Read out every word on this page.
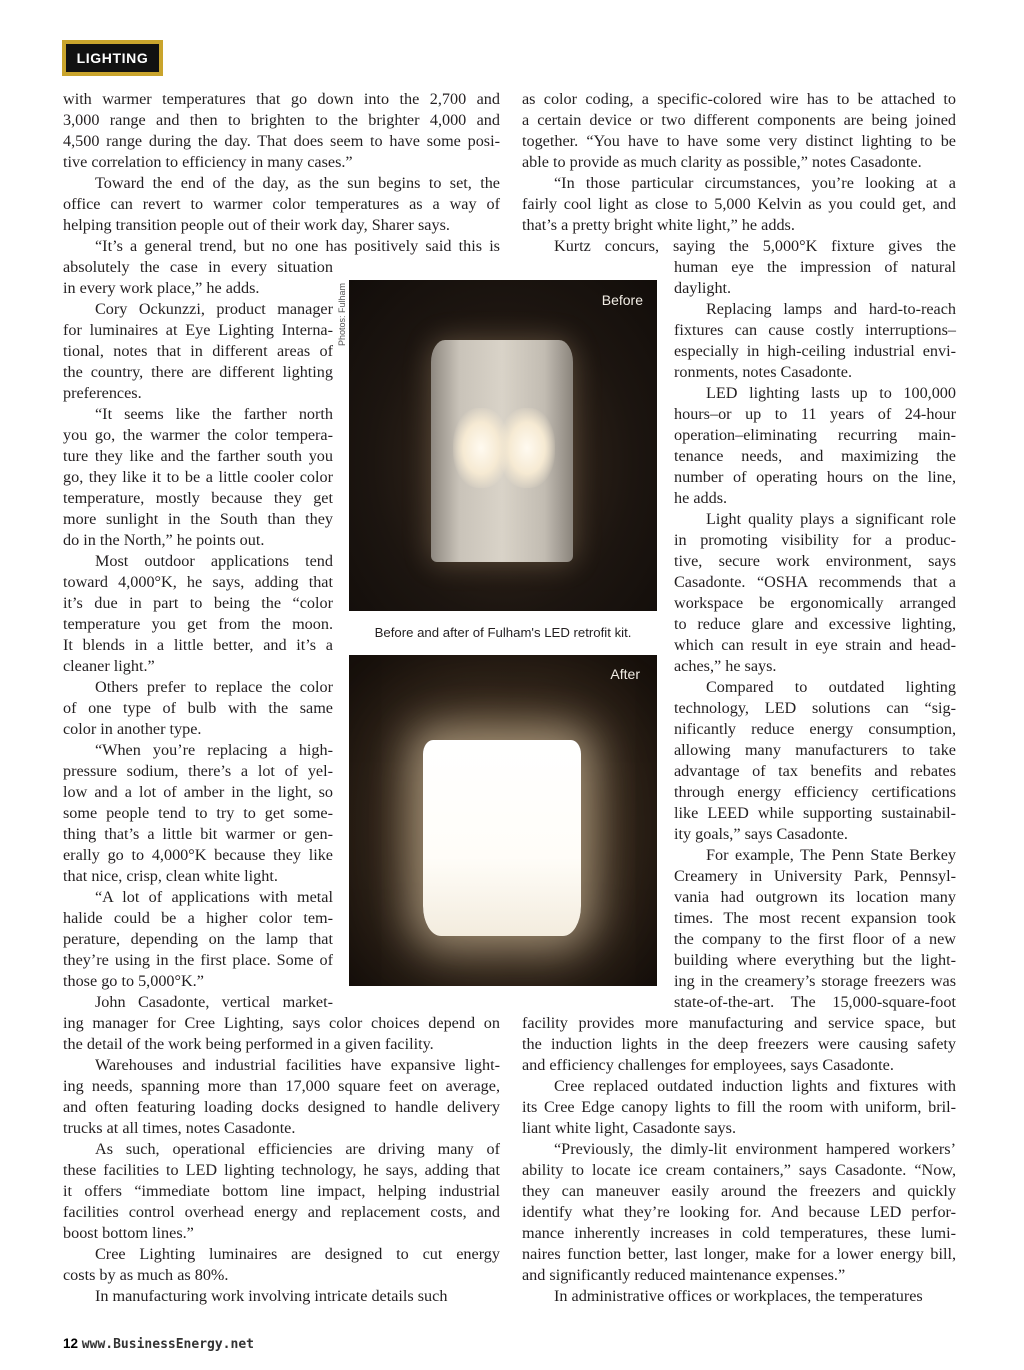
LIGHTING
with warmer temperatures that go down into the 2,700 and
3,000 range and then to brighten to the brighter 4,000 and
4,500 range during the day. That does seem to have some posi-
tive correlation to efficiency in many cases.”
Toward the end of the day, as the sun begins to set, the
office can revert to warmer color temperatures as a way of
helping transition people out of their work day, Sharer says.
“It’s a general trend, but no one has positively said this is
absolutely the case in every situation
in every work place,” he adds.
Cory Ockunzzi, product manager
for luminaires at Eye Lighting Interna-
tional, notes that in different areas of
the country, there are different lighting
preferences.
“It seems like the farther north
you go, the warmer the color tempera-
ture they like and the farther south you
go, they like it to be a little cooler color
temperature, mostly because they get
more sunlight in the South than they
do in the North,” he points out.
Most outdoor applications tend
toward 4,000°K, he says, adding that
it’s due in part to being the “color
temperature you get from the moon.
It blends in a little better, and it’s a
cleaner light.”
Others prefer to replace the color
of one type of bulb with the same
color in another type.
“When you’re replacing a high-
pressure sodium, there’s a lot of yel-
low and a lot of amber in the light, so
some people tend to try to get some-
thing that’s a little bit warmer or gen-
erally go to 4,000°K because they like
that nice, crisp, clean white light.
“A lot of applications with metal
halide could be a higher color tem-
perature, depending on the lamp that
they’re using in the first place. Some of
those go to 5,000°K.”
John Casadonte, vertical market-
ing manager for Cree Lighting, says color choices depend on
the detail of the work being performed in a given facility.
Warehouses and industrial facilities have expansive light-
ing needs, spanning more than 17,000 square feet on average,
and often featuring loading docks designed to handle delivery
trucks at all times, notes Casadonte.
As such, operational efficiencies are driving many of
these facilities to LED lighting technology, he says, adding that
it offers “immediate bottom line impact, helping industrial
facilities control overhead energy and replacement costs, and
boost bottom lines.”
Cree Lighting luminaires are designed to cut energy
costs by as much as 80%.
In manufacturing work involving intricate details such
as color coding, a specific-colored wire has to be attached to
a certain device or two different components are being joined
together. “You have to have some very distinct lighting to be
able to provide as much clarity as possible,” notes Casadonte.
“In those particular circumstances, you’re looking at a
fairly cool light as close to 5,000 Kelvin as you could get, and
that’s a pretty bright white light,” he adds.
Kurtz concurs, saying the 5,000°K fixture gives the
human eye the impression of natural
daylight.
Replacing lamps and hard-to-reach
fixtures can cause costly interruptions–
especially in high-ceiling industrial envi-
ronments, notes Casadonte.
LED lighting lasts up to 100,000
hours–or up to 11 years of 24-hour
operation–eliminating recurring main-
tenance needs, and maximizing the
number of operating hours on the line,
he adds.
Light quality plays a significant role
in promoting visibility for a produc-
tive, secure work environment, says
Casadonte. “OSHA recommends that a
workspace be ergonomically arranged
to reduce glare and excessive lighting,
which can result in eye strain and head-
aches,” he says.
Compared to outdated lighting
technology, LED solutions can “sig-
nificantly reduce energy consumption,
allowing many manufacturers to take
advantage of tax benefits and rebates
through energy efficiency certifications
like LEED while supporting sustainabil-
ity goals,” says Casadonte.
For example, The Penn State Berkey
Creamery in University Park, Pennsyl-
vania had outgrown its location many
times. The most recent expansion took
the company to the first floor of a new
building where everything but the light-
ing in the creamery’s storage freezers was
state-of-the-art. The 15,000-square-foot
facility provides more manufacturing and service space, but
the induction lights in the deep freezers were causing safety
and efficiency challenges for employees, says Casadonte.
Cree replaced outdated induction lights and fixtures with
its Cree Edge canopy lights to fill the room with uniform, bril-
liant white light, Casadonte says.
“Previously, the dimly-lit environment hampered workers’
ability to locate ice cream containers,” says Casadonte. “Now,
they can maneuver easily around the freezers and quickly
identify what they’re looking for. And because LED perfor-
mance inherently increases in cold temperatures, these lumi-
naires function better, last longer, make for a lower energy bill,
and significantly reduced maintenance expenses.”
In administrative offices or workplaces, the temperatures
Photos: Fulham	Before
Before and after of Fulham's LED retrofit kit.
After
12 www.BusinessEnergy.net
